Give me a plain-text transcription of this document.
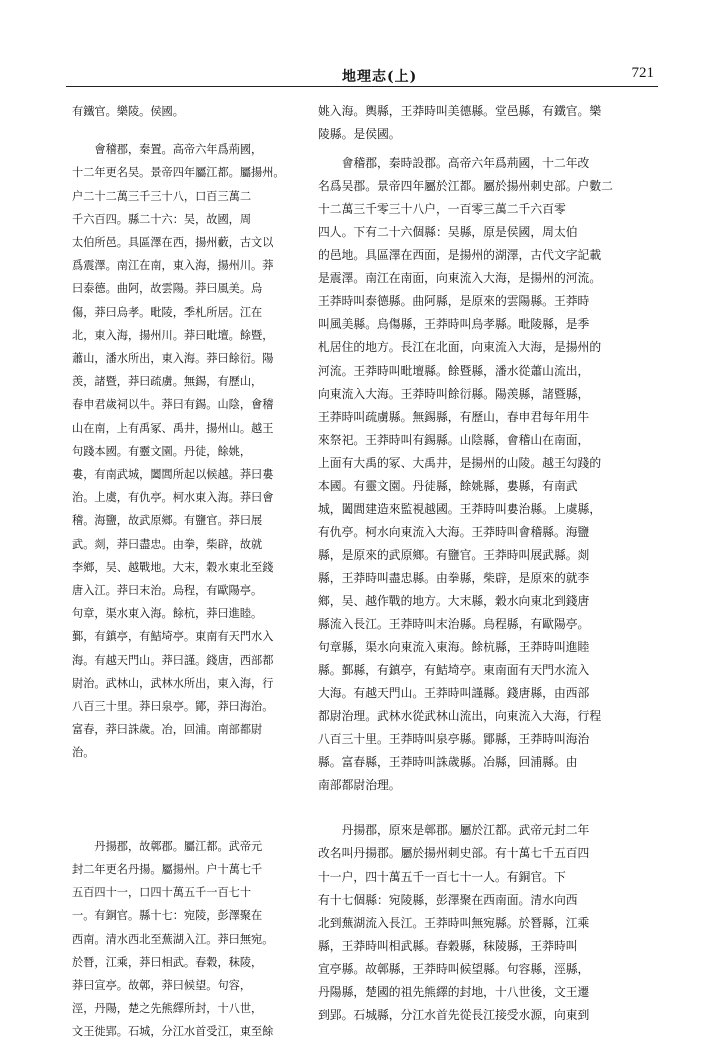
地理志(上)	721
有鐵官。樂陵。侯國。
　　會稽郡，秦置。高帝六年爲荊國，
十二年更名吴。景帝四年屬江都。屬揚州。
户二十二萬三千三十八，口百三萬二
千六百四。縣二十六：吴，故國，周
太伯所邑。具區澤在西，揚州藪，古文以
爲震澤。南江在南，東入海，揚州川。莽
曰泰德。曲阿，故雲陽。莽曰風美。烏
傷，莽曰烏孝。毗陵，季札所居。江在
北，東入海，揚州川。莽曰毗壇。餘暨，
蕭山，潘水所出，東入海。莽曰餘衍。陽
羡，諸暨，莽曰疏虜。無錫，有歷山，
春申君歲祠以牛。莽曰有錫。山陰，會稽
山在南，上有禹冢、禹井，揚州山。越王
句踐本國。有靈文園。丹徒，餘姚，
婁，有南武城，闔閭所起以候越。莽曰婁
治。上虞，有仇亭。柯水東入海。莽曰會
稽。海鹽，故武原鄉。有鹽官。莽曰展
武。剡，莽曰盡忠。由拳，柴辟，故就
李鄉，吴、越戰地。大末，穀水東北至錢
唐入江。莽曰末治。烏程，有歐陽亭。
句章，渠水東入海。餘杭，莽曰進睦。
鄞，有鎮亭，有鮚埼亭。東南有天門水入
海。有越天門山。莽曰謹。錢唐，西部都
尉治。武林山，武林水所出，東入海，行
八百三十里。莽曰泉亭。鄮，莽曰海治。
富春，莽曰誅歲。冶，回浦。南部都尉
治。
　　丹揚郡，故鄣郡。屬江都。武帝元
封二年更名丹揚。屬揚州。户十萬七千
五百四十一，口四十萬五千一百七十
一。有銅官。縣十七：宛陵，彭澤聚在
西南。清水西北至蕪湖入江。莽曰無宛。
於朁，江乘，莽曰相武。春穀，秣陵，
莽曰宣亭。故鄣，莽曰候望。句容，
涇，丹陽，楚之先熊繹所封，十八世，
文王徙郢。石城，分江水首受江，東至餘
姚入海。輿縣，王莽時叫美德縣。堂邑縣，有鐵官。樂
陵縣。是侯國。
　　會稽郡，秦時設郡。高帝六年爲荊國，十二年改
名爲吴郡。景帝四年屬於江都。屬於揚州刺史部。户數二
十二萬三千零三十八户，一百零三萬二千六百零
四人。下有二十六個縣：吴縣，原是侯國，周太伯
的邑地。具區澤在西面，是揚州的湖澤，古代文字記載
是震澤。南江在南面，向東流入大海，是揚州的河流。
王莽時叫泰德縣。曲阿縣，是原來的雲陽縣。王莽時
叫風美縣。烏傷縣，王莽時叫烏孝縣。毗陵縣，是季
札居住的地方。長江在北面，向東流入大海，是揚州的
河流。王莽時叫毗壇縣。餘暨縣，潘水從蕭山流出，
向東流入大海。王莽時叫餘衍縣。陽羡縣，諸暨縣，
王莽時叫疏虜縣。無錫縣，有歷山，春申君每年用牛
來祭祀。王莽時叫有錫縣。山陰縣，會稽山在南面，
上面有大禹的冢、大禹井，是揚州的山陵。越王勾踐的
本國。有靈文園。丹徒縣，餘姚縣，婁縣，有南武
城，闔閭建造來監視越國。王莽時叫婁治縣。上虞縣，
有仇亭。柯水向東流入大海。王莽時叫會稽縣。海鹽
縣，是原來的武原鄉。有鹽官。王莽時叫展武縣。剡
縣，王莽時叫盡忠縣。由拳縣，柴辟，是原來的就李
鄉，吴、越作戰的地方。大末縣，穀水向東北到錢唐
縣流入長江。王莽時叫末治縣。烏程縣，有歐陽亭。
句章縣，渠水向東流入東海。餘杭縣，王莽時叫進睦
縣。鄞縣，有鎮亭，有鮚埼亭。東南面有天門水流入
大海。有越天門山。王莽時叫謹縣。錢唐縣，由西部
都尉治理。武林水從武林山流出，向東流入大海，行程
八百三十里。王莽時叫泉亭縣。鄮縣，王莽時叫海治
縣。富春縣，王莽時叫誅歲縣。冶縣，回浦縣。由
南部都尉治理。
　　丹揚郡，原來是鄣郡。屬於江都。武帝元封二年
改名叫丹揚郡。屬於揚州刺史部。有十萬七千五百四
十一户，四十萬五千一百七十一人。有銅官。下
有十七個縣：宛陵縣，彭澤聚在西南面。清水向西
北到蕪湖流入長江。王莽時叫無宛縣。於朁縣，江乘
縣，王莽時叫相武縣。春穀縣，秣陵縣，王莽時叫
宣亭縣。故鄣縣，王莽時叫候望縣。句容縣，涇縣，
丹陽縣，楚國的祖先熊繹的封地，十八世後，文王遷
到郢。石城縣，分江水首先從長江接受水源，向東到
